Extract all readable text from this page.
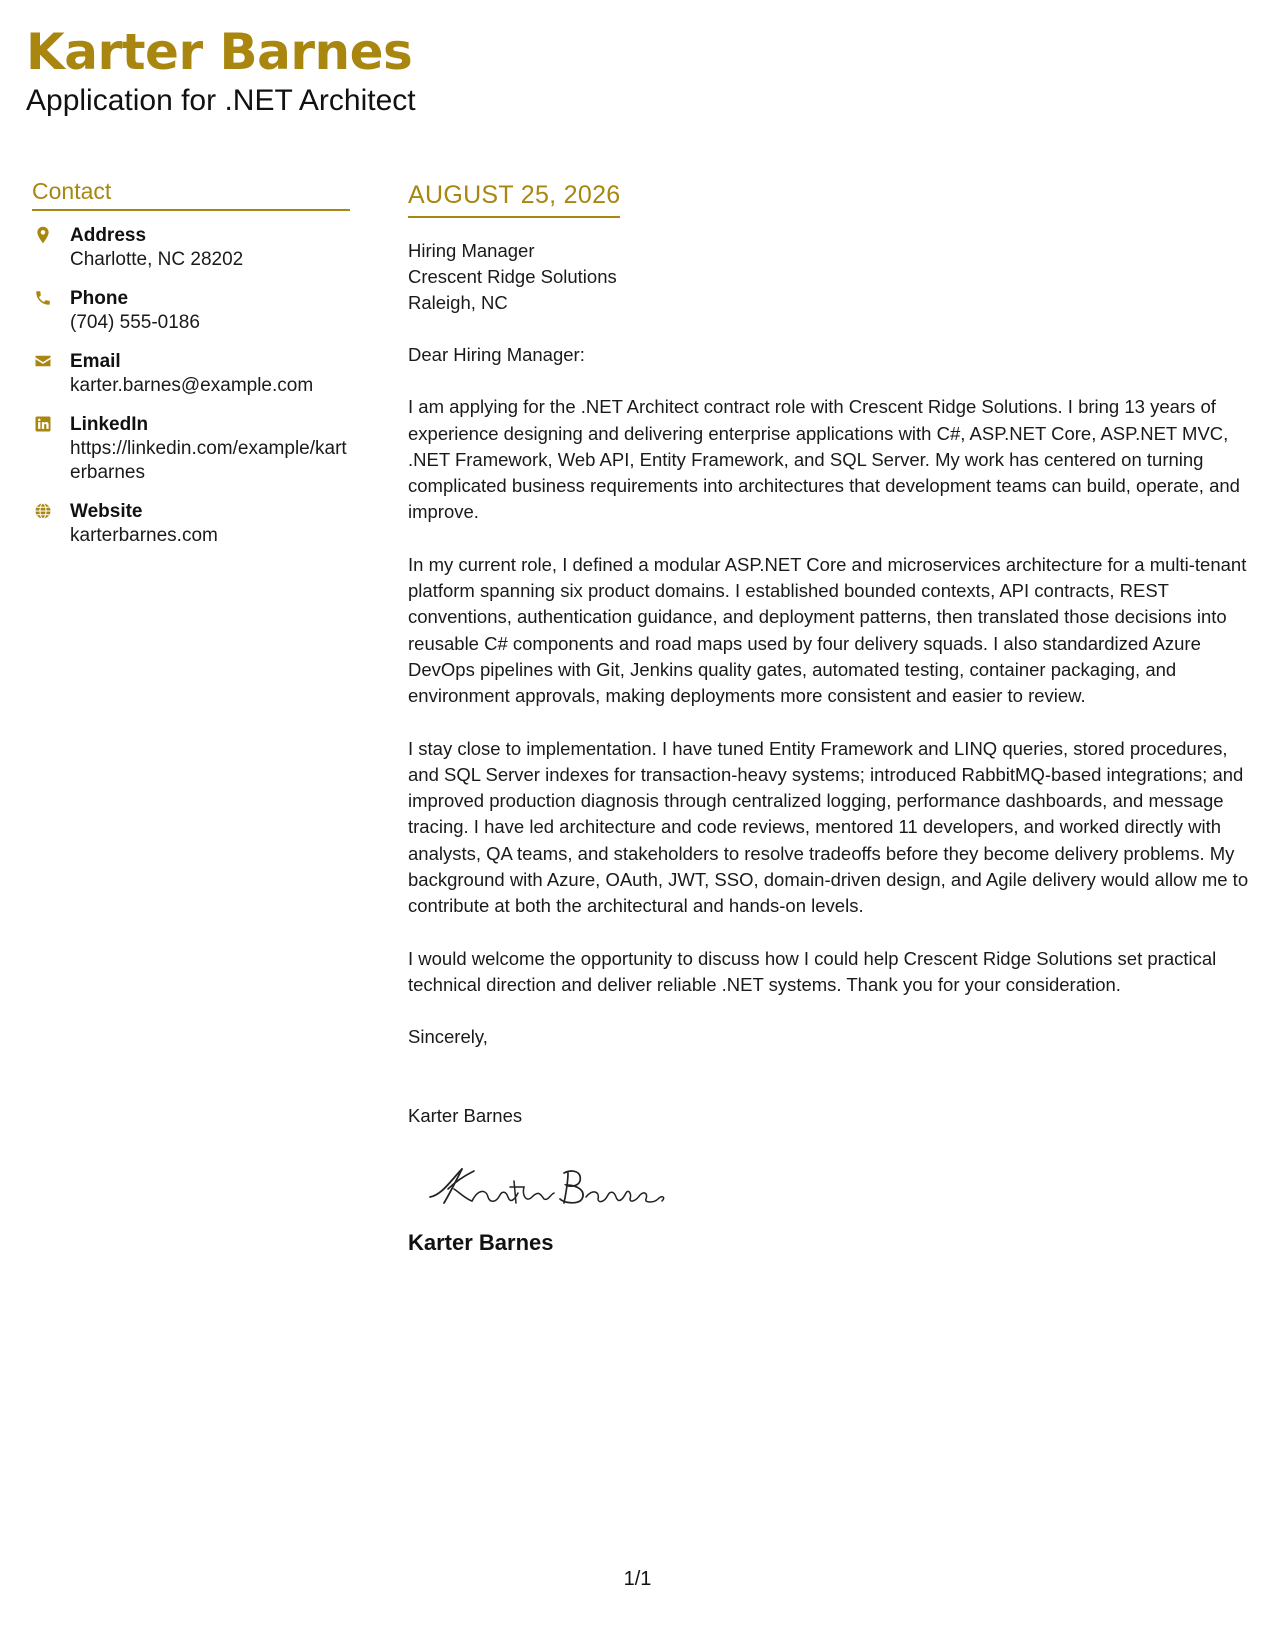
Karter Barnes
Application for .NET Architect
Contact
Address
Charlotte, NC 28202
Phone
(704) 555-0186
Email
karter.barnes@example.com
LinkedIn
https://linkedin.com/example/karterbarnes
Website
karterbarnes.com
AUGUST 25, 2026
Hiring Manager
Crescent Ridge Solutions
Raleigh, NC

Dear Hiring Manager:

I am applying for the .NET Architect contract role with Crescent Ridge Solutions. I bring 13 years of experience designing and delivering enterprise applications with C#, ASP.NET Core, ASP.NET MVC, .NET Framework, Web API, Entity Framework, and SQL Server. My work has centered on turning complicated business requirements into architectures that development teams can build, operate, and improve.

In my current role, I defined a modular ASP.NET Core and microservices architecture for a multi-tenant platform spanning six product domains. I established bounded contexts, API contracts, REST conventions, authentication guidance, and deployment patterns, then translated those decisions into reusable C# components and road maps used by four delivery squads. I also standardized Azure DevOps pipelines with Git, Jenkins quality gates, automated testing, container packaging, and environment approvals, making deployments more consistent and easier to review.

I stay close to implementation. I have tuned Entity Framework and LINQ queries, stored procedures, and SQL Server indexes for transaction-heavy systems; introduced RabbitMQ-based integrations; and improved production diagnosis through centralized logging, performance dashboards, and message tracing. I have led architecture and code reviews, mentored 11 developers, and worked directly with analysts, QA teams, and stakeholders to resolve tradeoffs before they become delivery problems. My background with Azure, OAuth, JWT, SSO, domain-driven design, and Agile delivery would allow me to contribute at both the architectural and hands-on levels.

I would welcome the opportunity to discuss how I could help Crescent Ridge Solutions set practical technical direction and deliver reliable .NET systems. Thank you for your consideration.

Sincerely,

Karter Barnes

Karter Barnes
1/1
